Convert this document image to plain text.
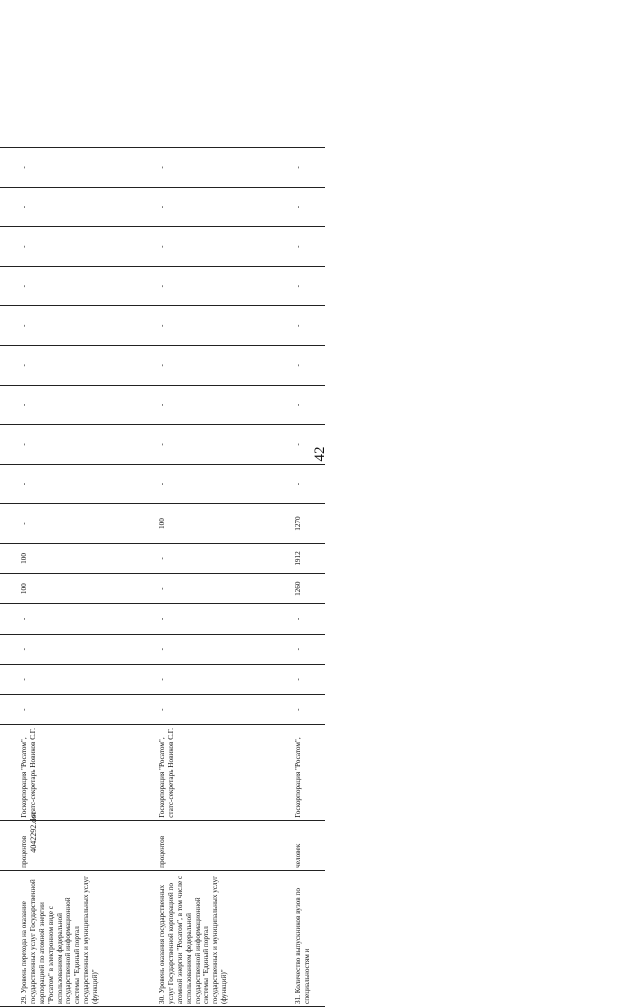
42
4042292.doc

29. Уровень перехода на оказание государственных услуг Государственной корпорацией по атомной энергии "Росатом" в электронном виде с использованием федеральной государственной информационной системы "Единый портал государственных и муниципальных услуг (функций)"	процентов	Госкорпорация "Росатом", статс-секретарь Новиков С.Г.	-	-	-	-	100	100	-	-	-	-	-	-	-	-	-	-
30. Уровень оказания государственных услуг Государственной корпорацией по атомной энергии "Росатом", в том числе с использованием федеральной государственной информационной системы "Единый портал государственных и муниципальных услуг (функций)"	процентов	Госкорпорация "Росатом", статс-секретарь Новиков С.Г.	-	-	-	-	-	-	100	-	-	-	-	-	-	-	-	-
31. Количество выпускников вузов по специальностям и	человек	Госкорпорация "Росатом",	-	-	-	-	1260	1912	1270	-	-	-	-	-	-	-	-	-
